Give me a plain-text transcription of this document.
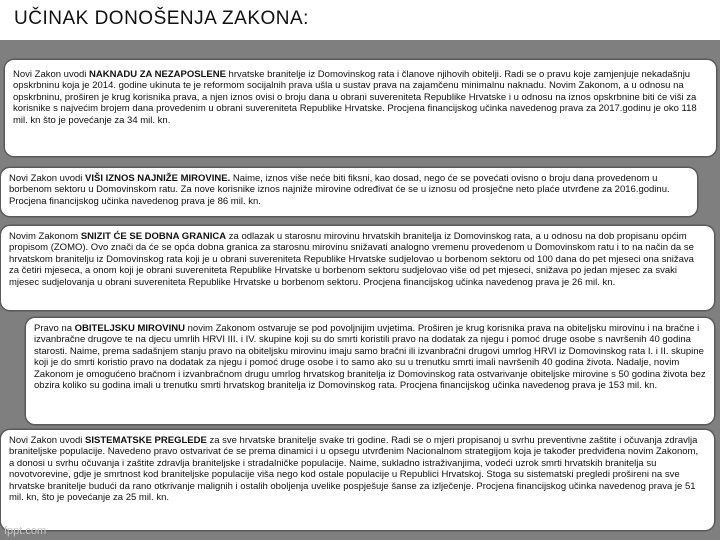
UČINAK DONOŠENJA ZAKONA:
Novi Zakon uvodi NAKNADU ZA NEZAPOSLENE hrvatske branitelje iz Domovinskog rata i članove njihovih obitelji. Radi se o pravu koje zamjenjuje nekadašnju opskrbninu koja je 2014. godine ukinuta te je reformom socijalnih prava ušla u sustav prava na zajamčenu minimalnu naknadu. Novim Zakonom, a u odnosu na opskrbninu, proširen je krug korisnika prava, a njen iznos ovisi o broju dana u obrani suvereniteta Republike Hrvatske i u odnosu na iznos opskrbnine biti će viši za korisnike s najvećim brojem dana provedenim u obrani suvereniteta Republike Hrvatske. Procjena financijskog učinka navedenog prava za 2017.godinu je oko 118 mil. kn što je povećanje za 34 mil. kn.
Novi Zakon uvodi VIŠI IZNOS NAJNIŽE MIROVINE. Naime, iznos više neće biti fiksni, kao dosad, nego će se povećati ovisno o broju dana provedenom u borbenom sektoru u Domovinskom ratu. Za nove korisnike iznos najniže mirovine određivat će se u iznosu od prosječne neto plaće utvrđene za 2016.godinu. Procjena financijskog učinka navedenog prava je 86 mil. kn.
Novim Zakonom SNIZIT ĆE SE DOBNA GRANICA za odlazak u starosnu mirovinu hrvatskih branitelja iz Domovinskog rata, a u odnosu na dob propisanu općim propisom (ZOMO). Ovo znači da će se opća dobna granica za starosnu mirovinu snižavati analogno vremenu provedenom u Domovinskom ratu i to na način da se hrvatskom branitelju iz Domovinskog rata koji je u obrani suvereniteta Republike Hrvatske sudjelovao u borbenom sektoru od 100 dana do pet mjeseci ona snižava za četiri mjeseca, a onom koji je obrani suvereniteta Republike Hrvatske u borbenom sektoru sudjelovao više od pet mjeseci, snižava po jedan mjesec za svaki mjesec sudjelovanja u obrani suvereniteta Republike Hrvatske u borbenom sektoru. Procjena financijskog učinka navedenog prava je 26 mil. kn.
Pravo na OBITELJSKU MIROVINU novim Zakonom ostvaruje se pod povoljnijim uvjetima. Proširen je krug korisnika prava na obiteljsku mirovinu i na bračne i izvanbračne drugove te na djecu umrlih HRVI III. i IV. skupine koji su do smrti koristili pravo na dodatak za njegu i pomoć druge osobe s navršenih 40 godina starosti. Naime, prema sadašnjem stanju pravo na obiteljsku mirovinu imaju samo bračni ili izvanbračni drugovi umrlog HRVI iz Domovinskog rata I. i II. skupine koji je do smrti koristio pravo na dodatak za njegu i pomoć druge osobe i to samo ako su u trenutku smrti imali navršenih 40 godina života. Nadalje, novim Zakonom je omogućeno bračnom i izvanbračnom drugu umrlog hrvatskog branitelja iz Domovinskog rata ostvarivanje obiteljske mirovine s 50 godina života bez obzira koliko su godina imali u trenutku smrti hrvatskog branitelja iz Domovinskog rata. Procjena financijskog učinka navedenog prava je 153 mil. kn.
Novi Zakon uvodi SISTEMATSKE PREGLEDE za sve hrvatske branitelje svake tri godine. Radi se o mjeri propisanoj u svrhu preventivne zaštite i očuvanja zdravlja branitelјske populacije. Navedeno pravo ostvarivat će se prema dinamici i u opsegu utvrđenim Nacionalnom strategijom koja je također predviđena novim Zakonom, a donosi u svrhu očuvanja i zaštite zdravlja braniteljske i stradalničke populacije. Naime, sukladno istraživanjima, vodeći uzrok smrti hrvatskih branitelja su novotvorevine, gdje je smrtnost kod braniteljske populacije viša nego kod ostale populacije u Republici Hrvatskoj. Stoga su sistematski pregledi prošireni na sve hrvatske branitelje budući da rano otkrivanje malignih i ostalih oboljenja uvelike pospješuje šanse za izlječenje. Procjena financijskog učinka navedenog prava je 51 mil. kn, što je povećanje za 25 mil. kn.
fppt.com
